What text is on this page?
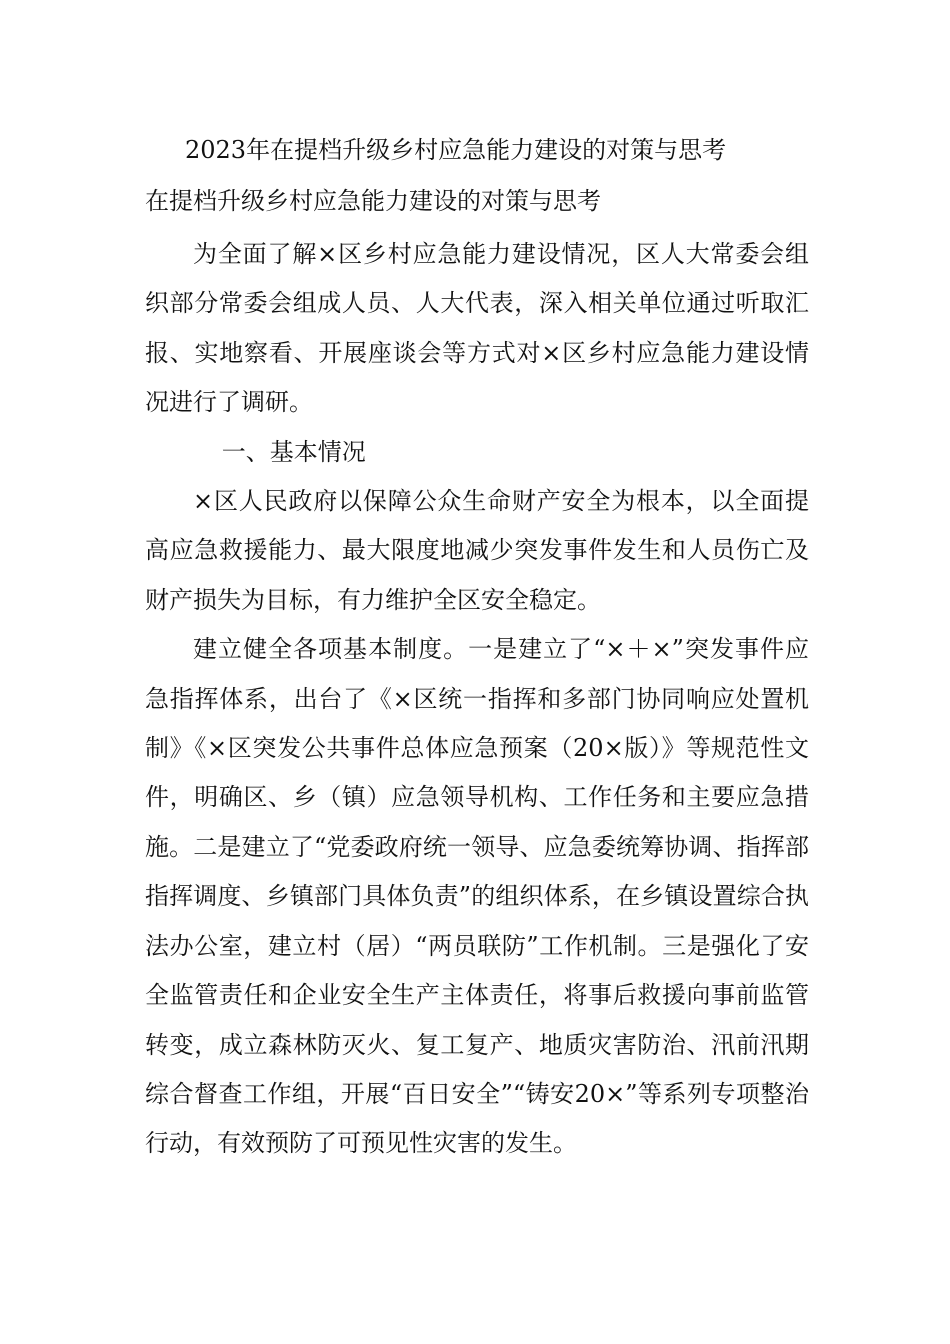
2023年在提档升级乡村应急能力建设的对策与思考
在提档升级乡村应急能力建设的对策与思考

为全面了解×区乡村应急能力建设情况，区人大常委会组织部分常委会组成人员、人大代表，深入相关单位通过听取汇报、实地察看、开展座谈会等方式对×区乡村应急能力建设情况进行了调研。

一、基本情况

×区人民政府以保障公众生命财产安全为根本，以全面提高应急救援能力、最大限度地减少突发事件发生和人员伤亡及财产损失为目标，有力维护全区安全稳定。

建立健全各项基本制度。一是建立了“×＋×”突发事件应急指挥体系，出台了《×区统一指挥和多部门协同响应处置机制》《×区突发公共事件总体应急预案（20×版）》等规范性文件，明确区、乡（镇）应急领导机构、工作任务和主要应急措施。二是建立了“党委政府统一领导、应急委统筹协调、指挥部指挥调度、乡镇部门具体负责”的组织体系，在乡镇设置综合执法办公室，建立村（居）“两员联防”工作机制。三是强化了安全监管责任和企业安全生产主体责任，将事后救援向事前监管转变，成立森林防灭火、复工复产、地质灾害防治、汛前汛期综合督查工作组，开展“百日安全”“铸安20×”等系列专项整治行动，有效预防了可预见性灾害的发生。
